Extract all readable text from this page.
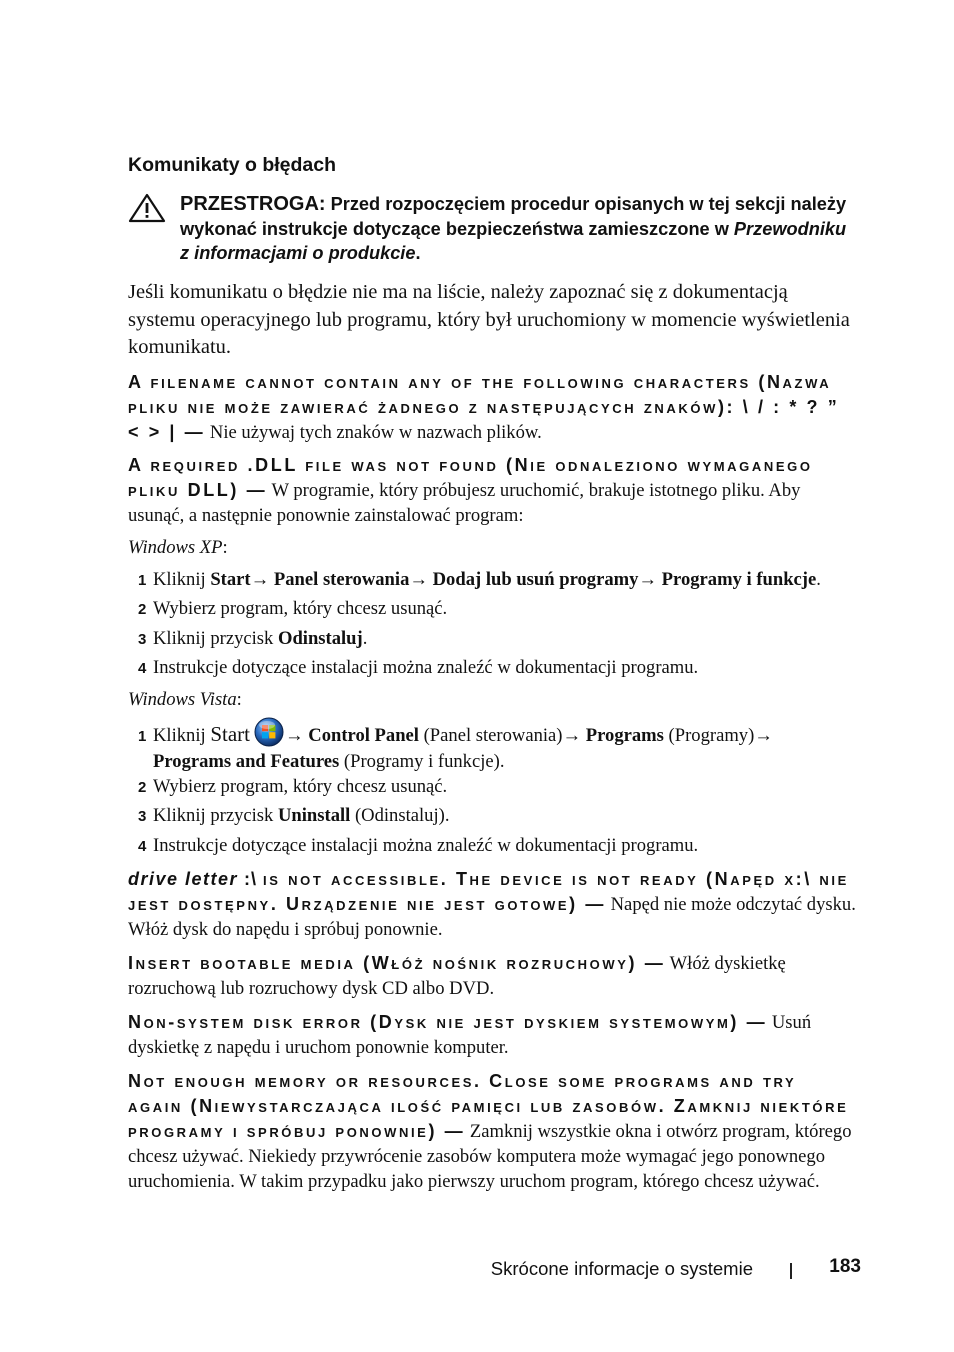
Komunikaty o błędach
PRZESTROGA: Przed rozpoczęciem procedur opisanych w tej sekcji należy wykonać instrukcje dotyczące bezpieczeństwa zamieszczone w Przewodniku z informacjami o produkcie.
Jeśli komunikatu o błędzie nie ma na liście, należy zapoznać się z dokumentacją systemu operacyjnego lub programu, który był uruchomiony w momencie wyświetlenia komunikatu.
A filename cannot contain any of the following characters (Nazwa pliku nie może zawierać żadnego z następujących znaków): \ / : * ? ” < > | — Nie używaj tych znaków w nazwach plików.
A required .DLL file was not found (Nie odnaleziono wymaganego pliku DLL) — W programie, który próbujesz uruchomić, brakuje istotnego pliku. Aby usunąć, a następnie ponownie zainstalować program:
Windows XP:
1 Kliknij Start→ Panel sterowania→ Dodaj lub usuń programy→ Programy i funkcje.
2 Wybierz program, który chcesz usunąć.
3 Kliknij przycisk Odinstaluj.
4 Instrukcje dotyczące instalacji można znaleźć w dokumentacji programu.
Windows Vista:
1 Kliknij Start → Control Panel (Panel sterowania)→ Programs (Programy)→
Programs and Features (Programy i funkcje).
2 Wybierz program, który chcesz usunąć.
3 Kliknij przycisk Uninstall (Odinstaluj).
4 Instrukcje dotyczące instalacji można znaleźć w dokumentacji programu.
drive letter :\ is not accessible. The device is not ready (Napęd x:\ nie jest dostępny. Urządzenie nie jest gotowe) — Napęd nie może odczytać dysku. Włóż dysk do napędu i spróbuj ponownie.
Insert bootable media (Włóż nośnik rozruchowy) — Włóż dyskietkę rozruchową lub rozruchowy dysk CD albo DVD.
Non-system disk error (Dysk nie jest dyskiem systemowym) — Usuń dyskietkę z napędu i uruchom ponownie komputer.
Not enough memory or resources. Close some programs and try again (Niewystarczająca ilość pamięci lub zasobów. Zamknij niektóre programy i spróbuj ponownie) — Zamknij wszystkie okna i otwórz program, którego chcesz używać. Niekiedy przywrócenie zasobów komputera może wymagać jego ponownego uruchomienia. W takim przypadku jako pierwszy uruchom program, którego chcesz używać.
Skrócone informacje o systemie	183
